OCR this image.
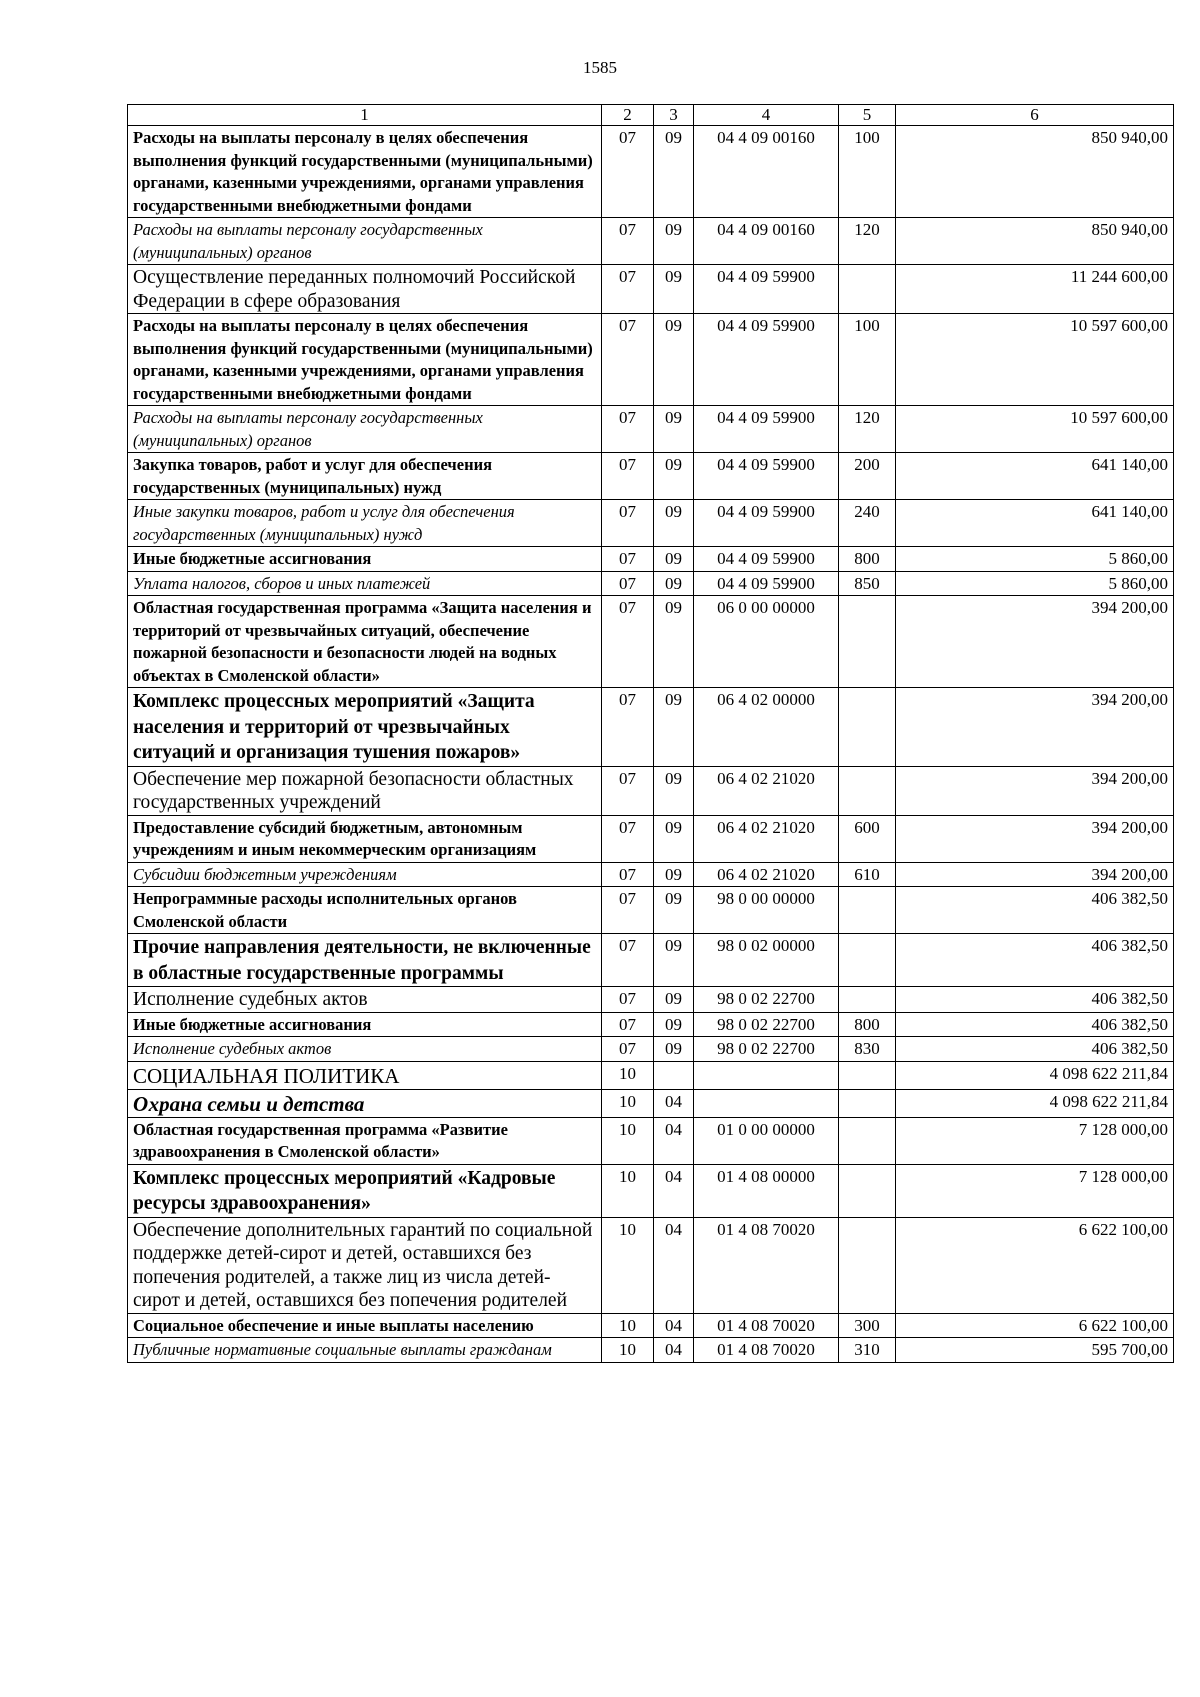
1585
1	2	3	4	5	6
Расходы на выплаты персоналу в целях обеспечения выполнения функций государственными (муниципальными) органами, казенными учреждениями, органами управления государственными внебюджетными фондами	07	09	04 4 09 00160	100	850 940,00
Расходы на выплаты персоналу государственных (муниципальных) органов	07	09	04 4 09 00160	120	850 940,00
Осуществление переданных полномочий Российской Федерации в сфере образования	07	09	04 4 09 59900		11 244 600,00
Расходы на выплаты персоналу в целях обеспечения выполнения функций государственными (муниципальными) органами, казенными учреждениями, органами управления государственными внебюджетными фондами	07	09	04 4 09 59900	100	10 597 600,00
Расходы на выплаты персоналу государственных (муниципальных) органов	07	09	04 4 09 59900	120	10 597 600,00
Закупка товаров, работ и услуг для обеспечения государственных (муниципальных) нужд	07	09	04 4 09 59900	200	641 140,00
Иные закупки товаров, работ и услуг для обеспечения государственных (муниципальных) нужд	07	09	04 4 09 59900	240	641 140,00
Иные бюджетные ассигнования	07	09	04 4 09 59900	800	5 860,00
Уплата налогов, сборов и иных платежей	07	09	04 4 09 59900	850	5 860,00
Областная государственная программа «Защита населения и территорий от чрезвычайных ситуаций, обеспечение пожарной безопасности и безопасности людей на водных объектах в Смоленской области»	07	09	06 0 00 00000		394 200,00
Комплекс процессных мероприятий «Защита населения и территорий от чрезвычайных ситуаций и организация тушения пожаров»	07	09	06 4 02 00000		394 200,00
Обеспечение мер пожарной безопасности областных государственных учреждений	07	09	06 4 02 21020		394 200,00
Предоставление субсидий бюджетным, автономным учреждениям и иным некоммерческим организациям	07	09	06 4 02 21020	600	394 200,00
Субсидии бюджетным учреждениям	07	09	06 4 02 21020	610	394 200,00
Непрограммные расходы исполнительных органов Смоленской области	07	09	98 0 00 00000		406 382,50
Прочие направления деятельности, не включенные в областные государственные программы	07	09	98 0 02 00000		406 382,50
Исполнение судебных актов	07	09	98 0 02 22700		406 382,50
Иные бюджетные ассигнования	07	09	98 0 02 22700	800	406 382,50
Исполнение судебных актов	07	09	98 0 02 22700	830	406 382,50
СОЦИАЛЬНАЯ ПОЛИТИКА	10				4 098 622 211,84
Охрана семьи и детства	10	04			4 098 622 211,84
Областная государственная программа «Развитие здравоохранения в Смоленской области»	10	04	01 0 00 00000		7 128 000,00
Комплекс процессных мероприятий «Кадровые ресурсы здравоохранения»	10	04	01 4 08 00000		7 128 000,00
Обеспечение дополнительных гарантий по социальной поддержке детей-сирот и детей, оставшихся без попечения родителей, а также лиц из числа детей-сирот и детей, оставшихся без попечения родителей	10	04	01 4 08 70020		6 622 100,00
Социальное обеспечение и иные выплаты населению	10	04	01 4 08 70020	300	6 622 100,00
Публичные нормативные социальные выплаты гражданам	10	04	01 4 08 70020	310	595 700,00
